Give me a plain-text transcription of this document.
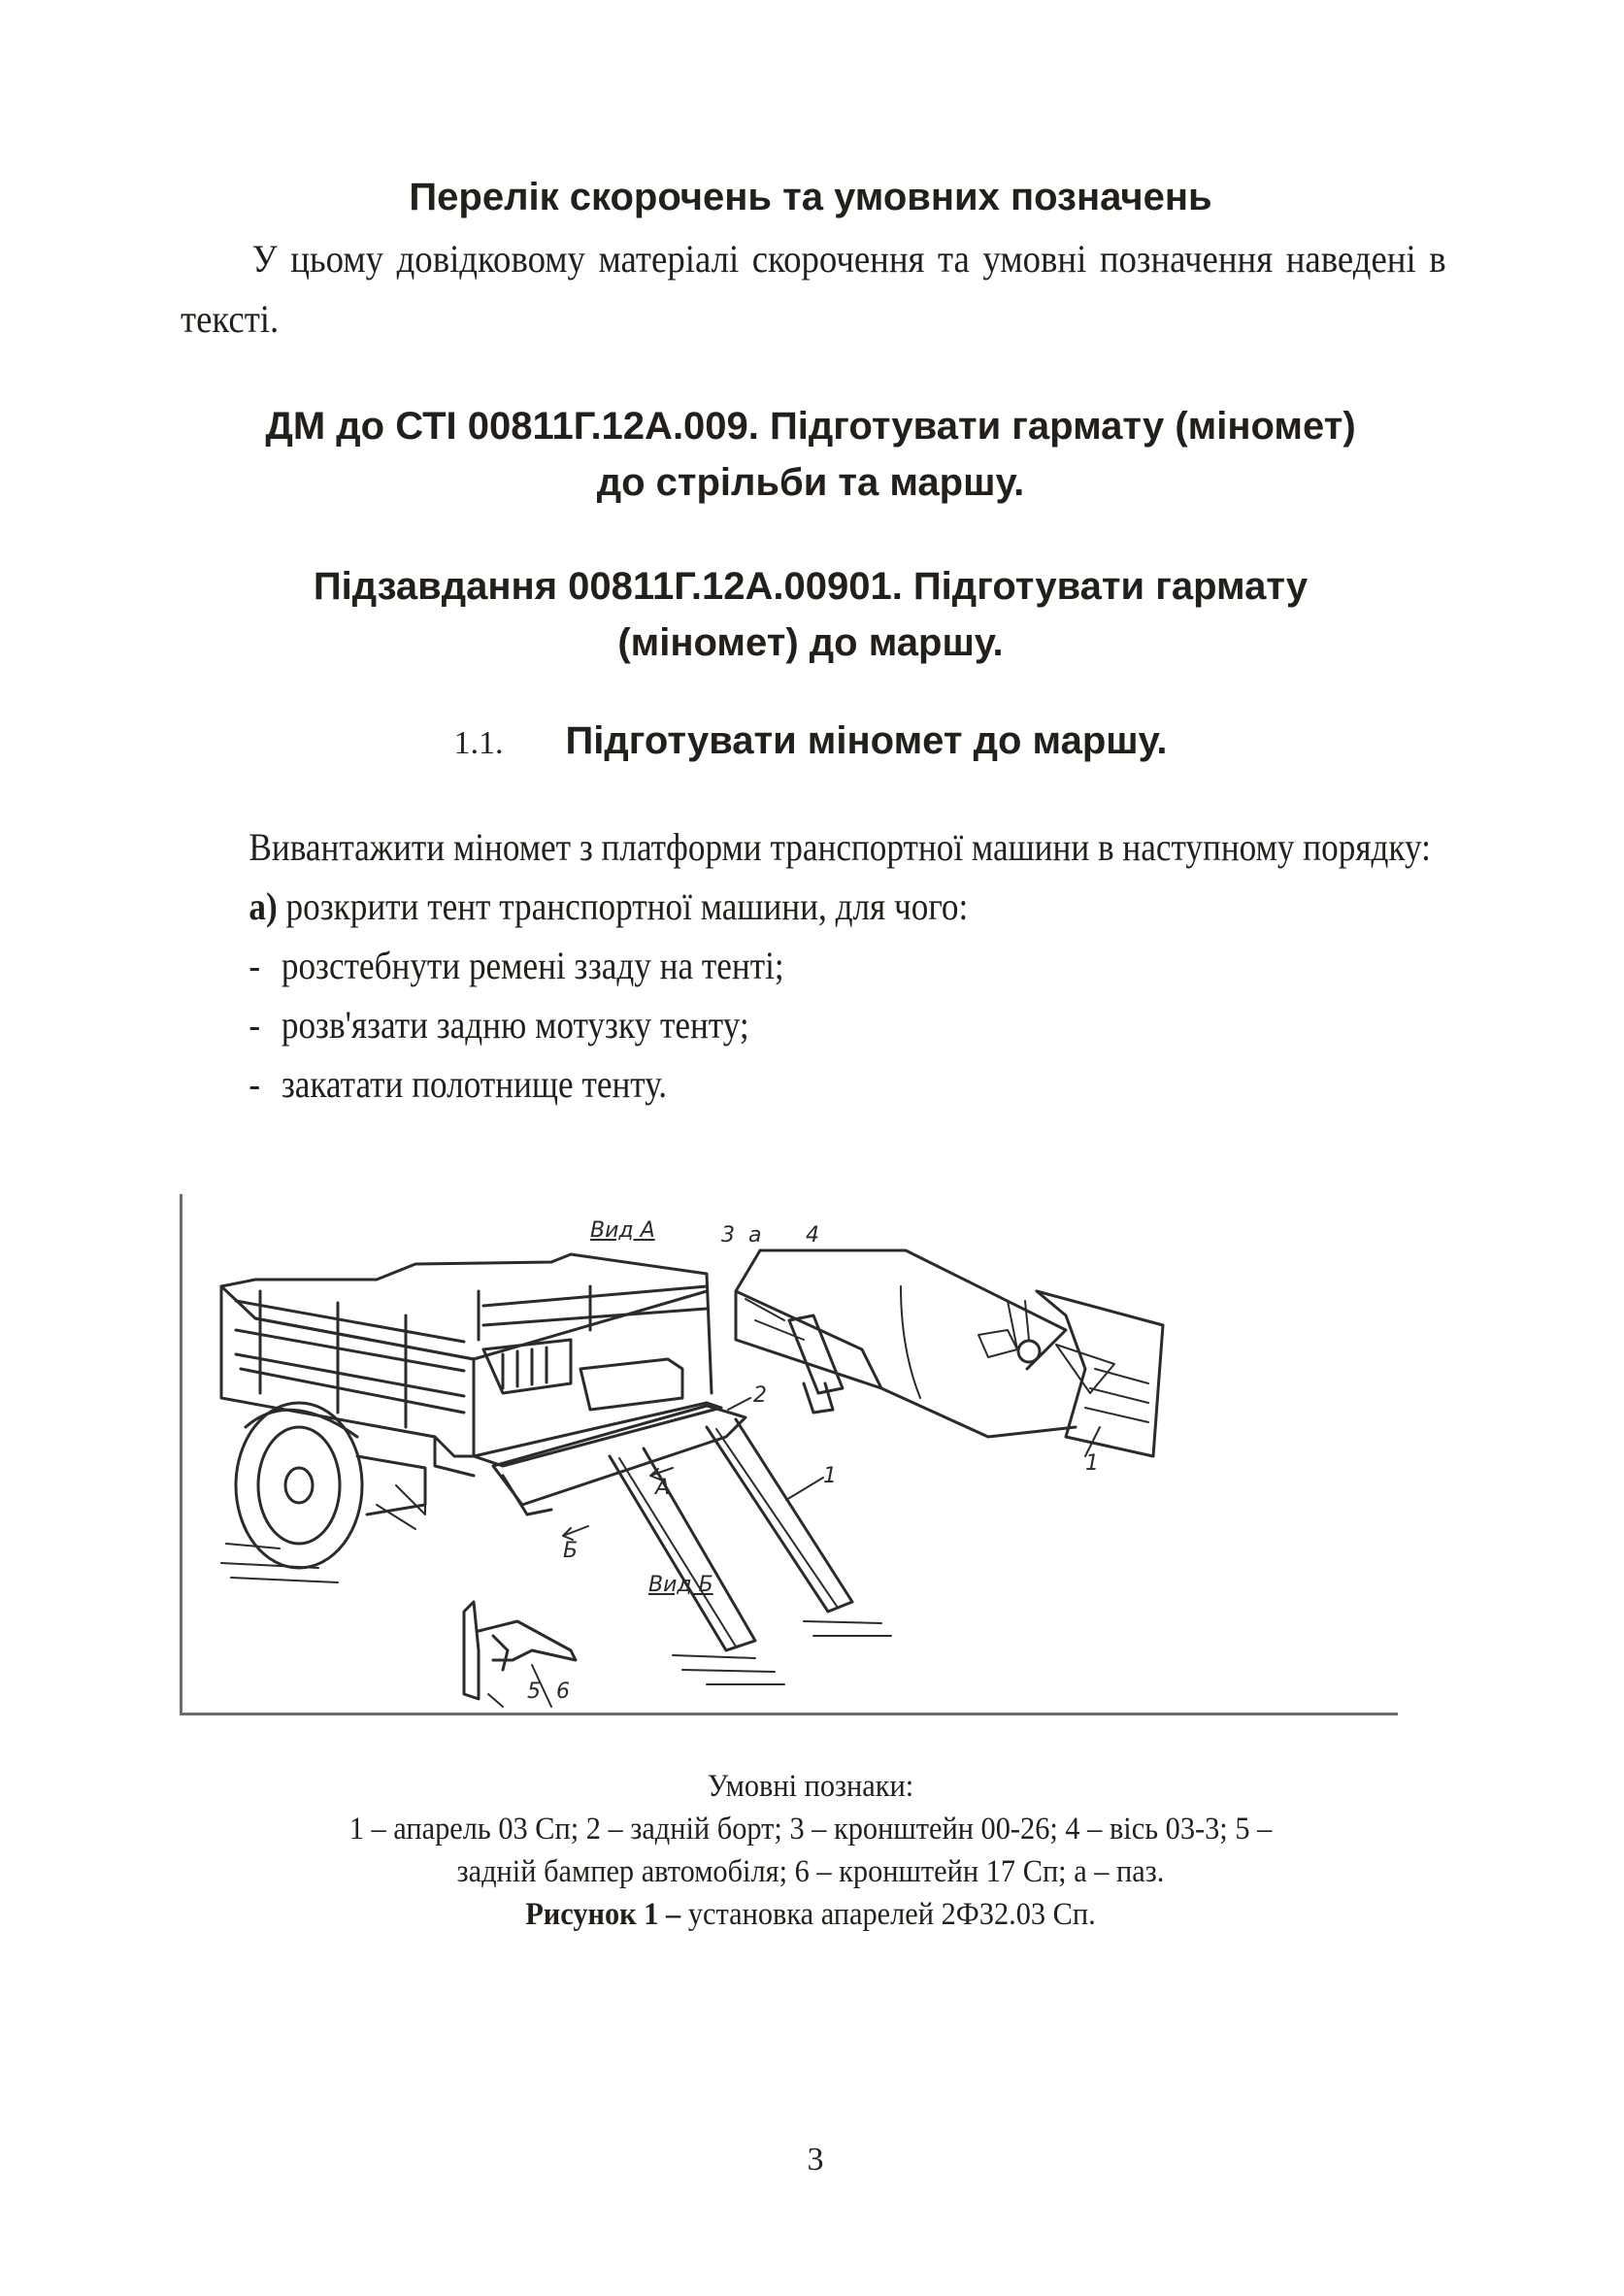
Перелік скорочень та умовних позначень
У цьому довідковому матеріалі скорочення та умовні позначення наведені в тексті.
ДМ до СТІ 00811Г.12А.009. Підготувати гармату (міномет)
до стрільби та маршу.
Підзавдання 00811Г.12А.00901. Підготувати гармату
(міномет) до маршу.
1.1. Підготувати міномет до маршу.

Вивантажити міномет з платформи транспортної машини в наступному порядку:

а) розкрити тент транспортної машини, для чого:

- розстебнути ремені ззаду на тенті;

- розв'язати задню мотузку тенту;

- закатати полотнище тенту.

Вид А	3 а 4
1
2
1
А
Б
Вид Б
5 6
Умовні познаки:
1 – апарель 03 Сп; 2 – задній борт; 3 – кронштейн 00-26; 4 – вісь 03-3; 5 –
задній бампер автомобіля; 6 – кронштейн 17 Сп; а – паз.
Рисунок 1 – установка апарелей 2Ф32.03 Сп.
3
